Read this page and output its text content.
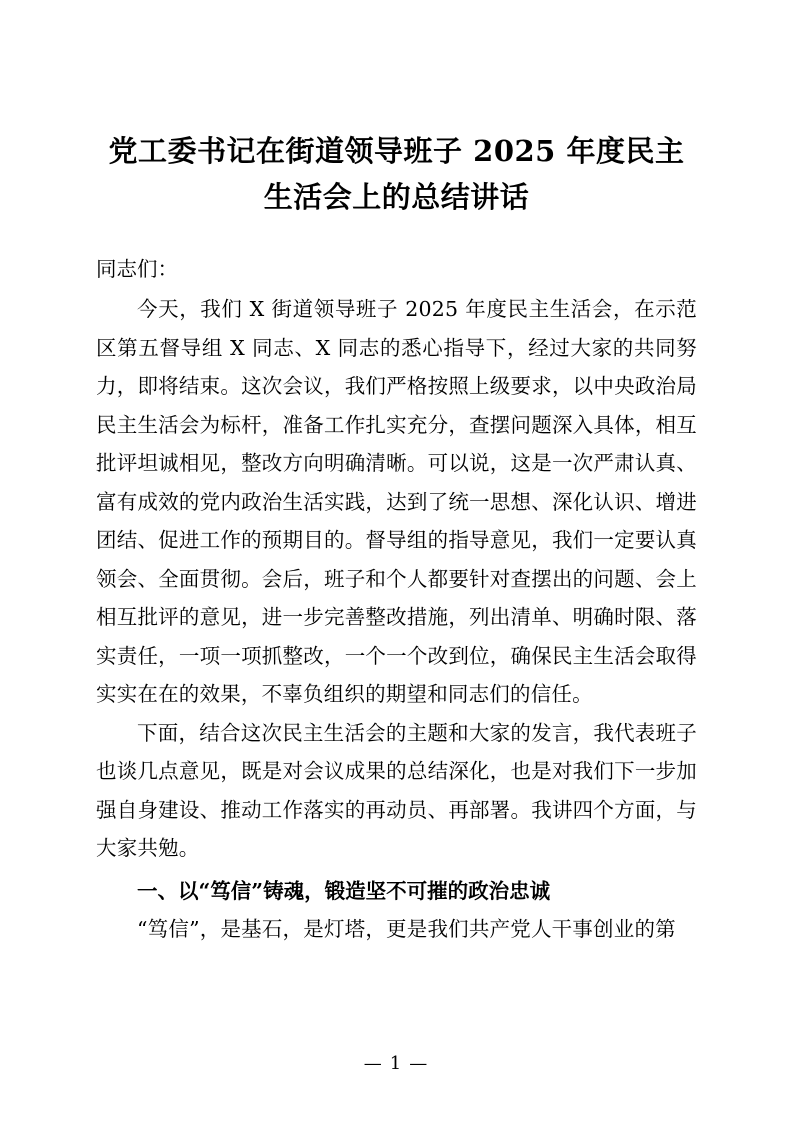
党工委书记在街道领导班子 2025 年度民主生活会上的总结讲话
同志们：

今天，我们 X 街道领导班子 2025 年度民主生活会，在示范区第五督导组 X 同志、X 同志的悉心指导下，经过大家的共同努力，即将结束。这次会议，我们严格按照上级要求，以中央政治局民主生活会为标杆，准备工作扎实充分，查摆问题深入具体，相互批评坦诚相见，整改方向明确清晰。可以说，这是一次严肃认真、富有成效的党内政治生活实践，达到了统一思想、深化认识、增进团结、促进工作的预期目的。督导组的指导意见，我们一定要认真领会、全面贯彻。会后，班子和个人都要针对查摆出的问题、会上相互批评的意见，进一步完善整改措施，列出清单、明确时限、落实责任，一项一项抓整改，一个一个改到位，确保民主生活会取得实实在在的效果，不辜负组织的期望和同志们的信任。

下面，结合这次民主生活会的主题和大家的发言，我代表班子也谈几点意见，既是对会议成果的总结深化，也是对我们下一步加强自身建设、推动工作落实的再动员、再部署。我讲四个方面，与大家共勉。

一、以“笃信”铸魂，锻造坚不可摧的政治忠诚

“笃信”，是基石，是灯塔，更是我们共产党人干事创业的第

— 1 —
